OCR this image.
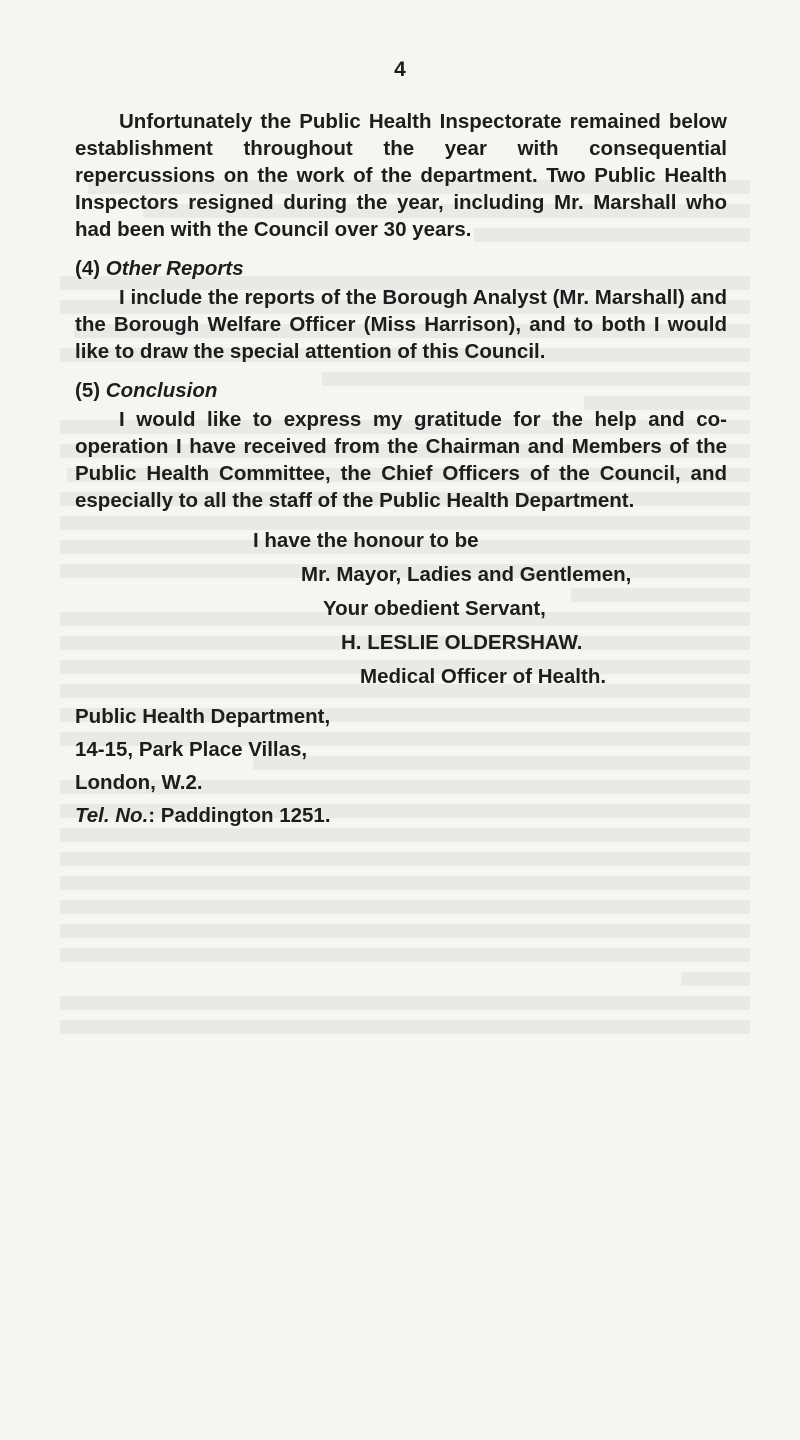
4

Unfortunately the Public Health Inspectorate remained below establishment throughout the year with consequential repercussions on the work of the department. Two Public Health Inspectors resigned during the year, including Mr. Marshall who had been with the Council over 30 years.

(4) Other Reports

I include the reports of the Borough Analyst (Mr. Marshall) and the Borough Welfare Officer (Miss Harrison), and to both I would like to draw the special attention of this Council.

(5) Conclusion

I would like to express my gratitude for the help and co-operation I have received from the Chairman and Members of the Public Health Committee, the Chief Officers of the Council, and especially to all the staff of the Public Health Department.

I have the honour to be
Mr. Mayor, Ladies and Gentlemen,
Your obedient Servant,
H. LESLIE OLDERSHAW.
Medical Officer of Health.
Public Health Department,
14-15, Park Place Villas,
London, W.2.
Tel. No.: Paddington 1251.
